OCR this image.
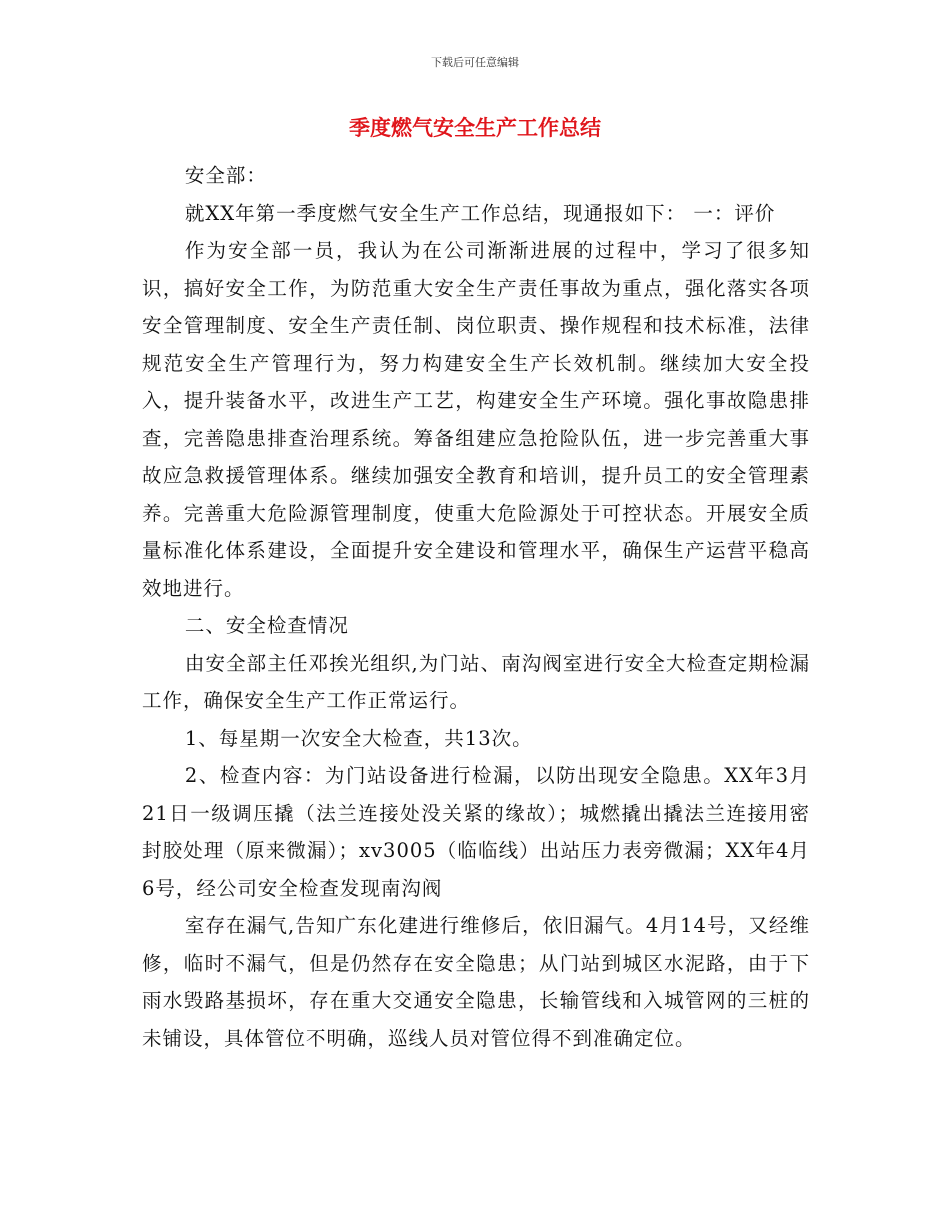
下载后可任意编辑
季度燃气安全生产工作总结

安全部：

就XX年第一季度燃气安全生产工作总结，现通报如下： 一：评价

作为安全部一员，我认为在公司渐渐进展的过程中，学习了很多知识，搞好安全工作，为防范重大安全生产责任事故为重点，强化落实各项安全管理制度、安全生产责任制、岗位职责、操作规程和技术标准，法律规范安全生产管理行为，努力构建安全生产长效机制。继续加大安全投入，提升装备水平，改进生产工艺，构建安全生产环境。强化事故隐患排查，完善隐患排查治理系统。筹备组建应急抢险队伍，进一步完善重大事故应急救援管理体系。继续加强安全教育和培训，提升员工的安全管理素养。完善重大危险源管理制度，使重大危险源处于可控状态。开展安全质量标准化体系建设，全面提升安全建设和管理水平，确保生产运营平稳高效地进行。

二、安全检查情况

由安全部主任邓挨光组织,为门站、南沟阀室进行安全大检查定期检漏工作，确保安全生产工作正常运行。

1、每星期一次安全大检查，共13次。

2、检查内容：为门站设备进行检漏，以防出现安全隐患。XX年3月21日一级调压撬（法兰连接处没关紧的缘故）；城燃撬出撬法兰连接用密封胶处理（原来微漏）；xv3005（临临线）出站压力表旁微漏；XX年4月6号，经公司安全检查发现南沟阀

室存在漏气,告知广东化建进行维修后，依旧漏气。4月14号，又经维修，临时不漏气，但是仍然存在安全隐患；从门站到城区水泥路，由于下雨水毁路基损坏，存在重大交通安全隐患，长输管线和入城管网的三桩的未铺设，具体管位不明确，巡线人员对管位得不到准确定位。
